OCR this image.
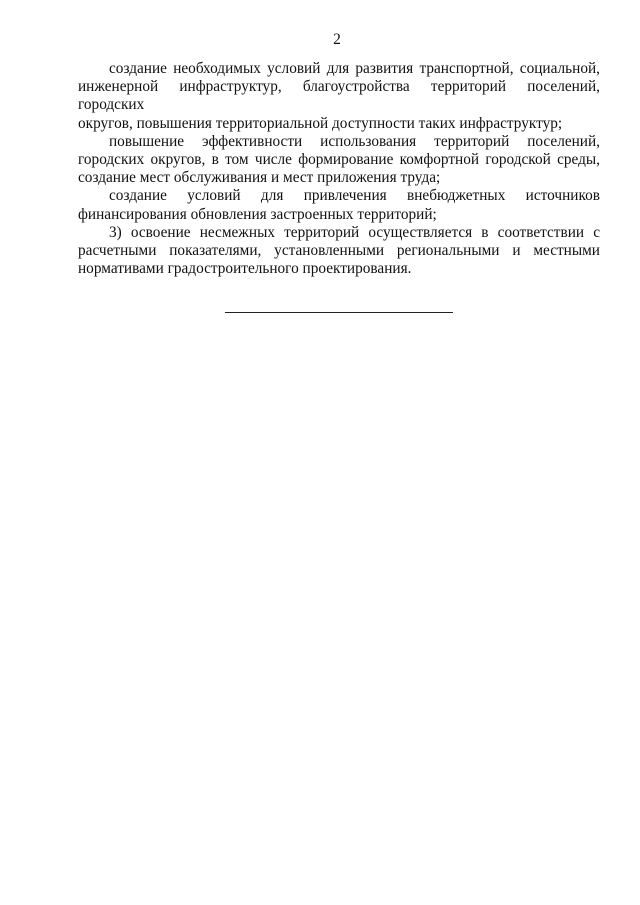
2
создание необходимых условий для развития транспортной, социальной,
инженерной инфраструктур, благоустройства территорий поселений, городских
округов, повышения территориальной доступности таких инфраструктур;
повышение эффективности использования территорий поселений,
городских округов, в том числе формирование комфортной городской среды,
создание мест обслуживания и мест приложения труда;
создание условий для привлечения внебюджетных источников
финансирования обновления застроенных территорий;
3) освоение несмежных территорий осуществляется в соответствии с
расчетными показателями, установленными региональными и местными
нормативами градостроительного проектирования.
